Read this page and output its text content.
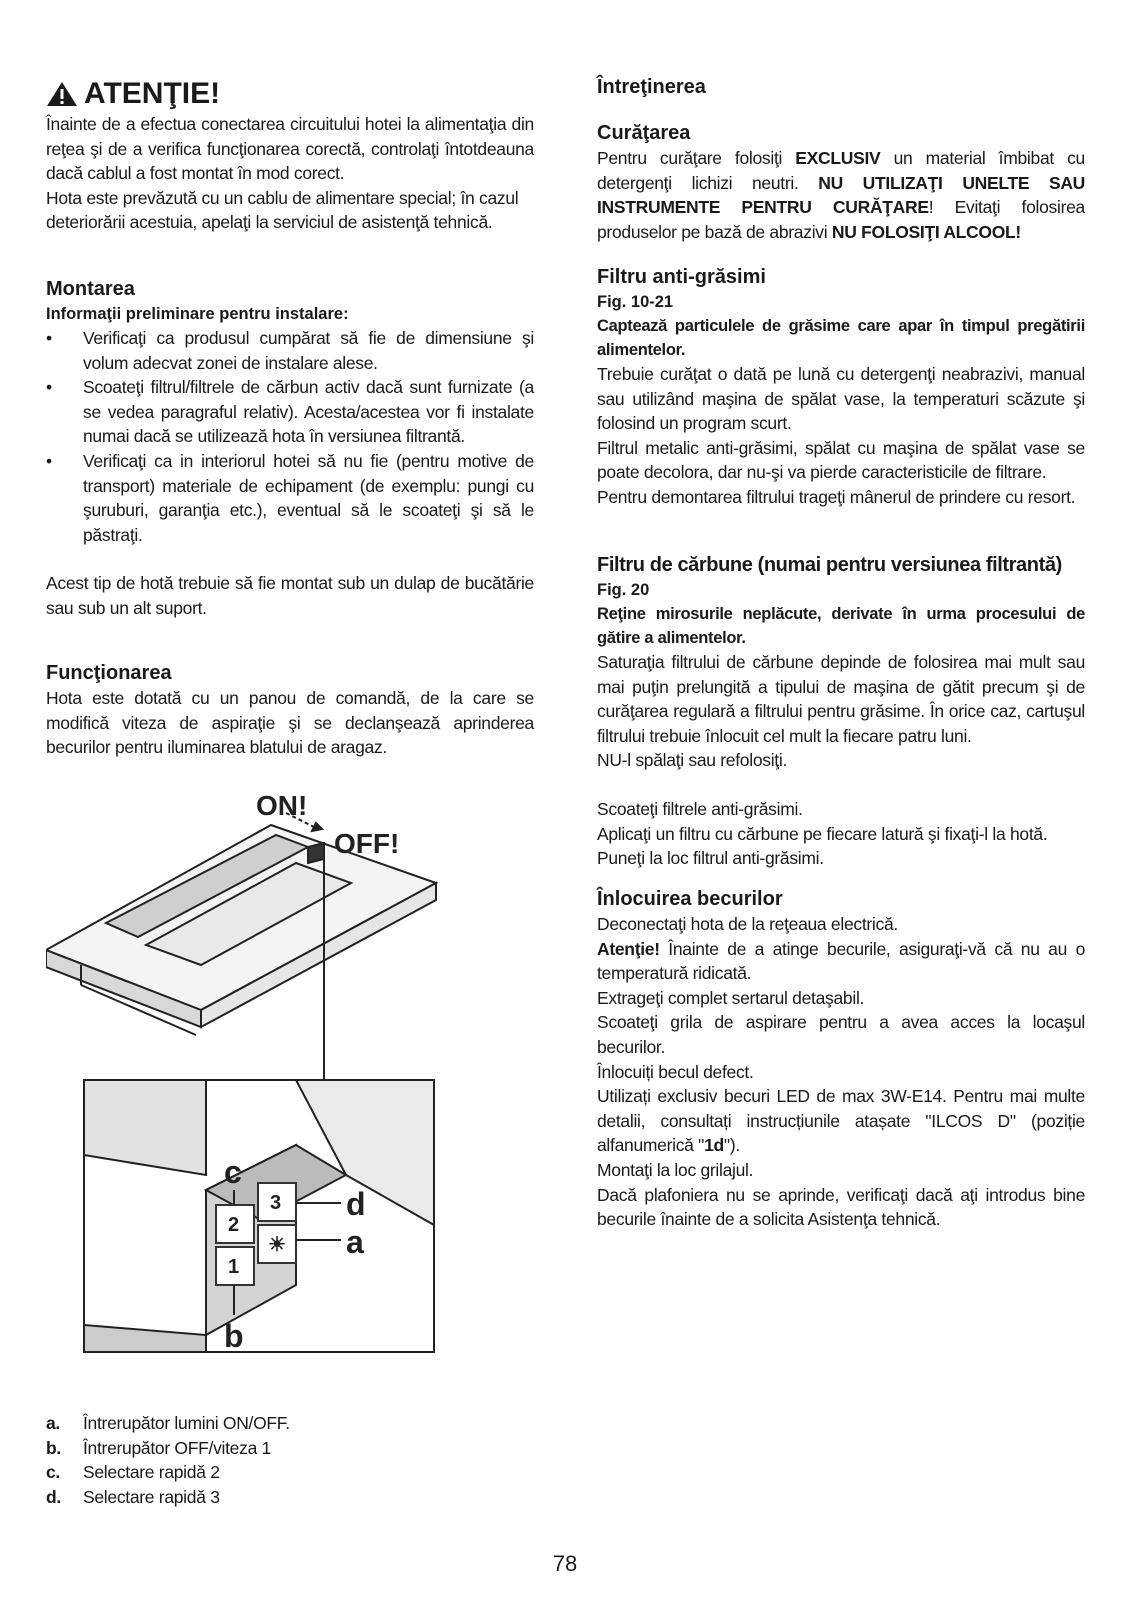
ATENŢIE!

Înainte de a efectua conectarea circuitului hotei la alimentaţia din reţea şi de a verifica funcţionarea corectă, controlaţi întotdeauna dacă cablul a fost montat în mod corect.

Hota este prevăzută cu un cablu de alimentare special; în cazul deteriorării acestuia, apelaţi la serviciul de asistenţă tehnică.

Montarea

Informaţii preliminare pentru instalare:

• Verificaţi ca produsul cumpărat să fie de dimensiune şi volum adecvat zonei de instalare alese.
• Scoateţi filtrul/filtrele de cărbun activ dacă sunt furnizate (a se vedea paragraful relativ). Acesta/acestea vor fi instalate numai dacă se utilizează hota în versiunea filtrantă.
• Verificaţi ca in interiorul hotei să nu fie (pentru motive de transport) materiale de echipament (de exemplu: pungi cu şuruburi, garanţia etc.), eventual să le scoateţi şi să le păstraţi.

Acest tip de hotă trebuie să fie montat sub un dulap de bucătărie sau sub un alt suport.

Funcţionarea

Hota este dotată cu un panou de comandă, de la care se modifică viteza de aspiraţie şi se declanşează aprinderea becurilor pentru iluminarea blatului de aragaz.

ON!
OFF!
c
d
a
b
2
3
1
☀
a.	Întrerupător lumini ON/OFF.
b.	Întrerupător OFF/viteza 1
c.	Selectare rapidă 2
d.	Selectare rapidă 3

Întreţinerea

Curăţarea

Pentru curăţare folosiţi EXCLUSIV un material îmbibat cu detergenţi lichizi neutri. NU UTILIZAŢI UNELTE SAU INSTRUMENTE PENTRU CURĂŢARE! Evitaţi folosirea produselor pe bază de abrazivi NU FOLOSIŢI ALCOOL!

Filtru anti-grăsimi

Fig. 10-21

Captează particulele de grăsime care apar în timpul pregătirii alimentelor.

Trebuie curăţat o dată pe lună cu detergenţi neabrazivi, manual sau utilizând maşina de spălat vase, la temperaturi scăzute şi folosind un program scurt.

Filtrul metalic anti-grăsimi, spălat cu maşina de spălat vase se poate decolora, dar nu-şi va pierde caracteristicile de filtrare.

Pentru demontarea filtrului trageţi mânerul de prindere cu resort.

Filtru de cărbune (numai pentru versiunea filtrantă)

Fig. 20

Reţine mirosurile neplăcute, derivate în urma procesului de gătire a alimentelor.

Saturaţia filtrului de cărbune depinde de folosirea mai mult sau mai puţin prelungită a tipului de maşina de gătit precum şi de curăţarea regulară a filtrului pentru grăsime. În orice caz, cartuşul filtrului trebuie înlocuit cel mult la fiecare patru luni.

NU-l spălaţi sau refolosiţi.

Scoateţi filtrele anti-grăsimi.

Aplicaţi un filtru cu cărbune pe fiecare latură şi fixaţi-l la hotă.

Puneţi la loc filtrul anti-grăsimi.

Înlocuirea becurilor

Deconectaţi hota de la reţeaua electrică.

Atenţie! Înainte de a atinge becurile, asiguraţi-vă că nu au o temperatură ridicată.

Extrageţi complet sertarul detaşabil.

Scoateţi grila de aspirare pentru a avea acces la locaşul becurilor.

Înlocuiți becul defect.

Utilizați exclusiv becuri LED de max 3W-E14. Pentru mai multe detalii, consultați instrucțiunile atașate "ILCOS D" (poziție alfanumerică "1d").

Montaţi la loc grilajul.

Dacă plafoniera nu se aprinde, verificaţi dacă aţi introdus bine becurile înainte de a solicita Asistenţa tehnică.

78
